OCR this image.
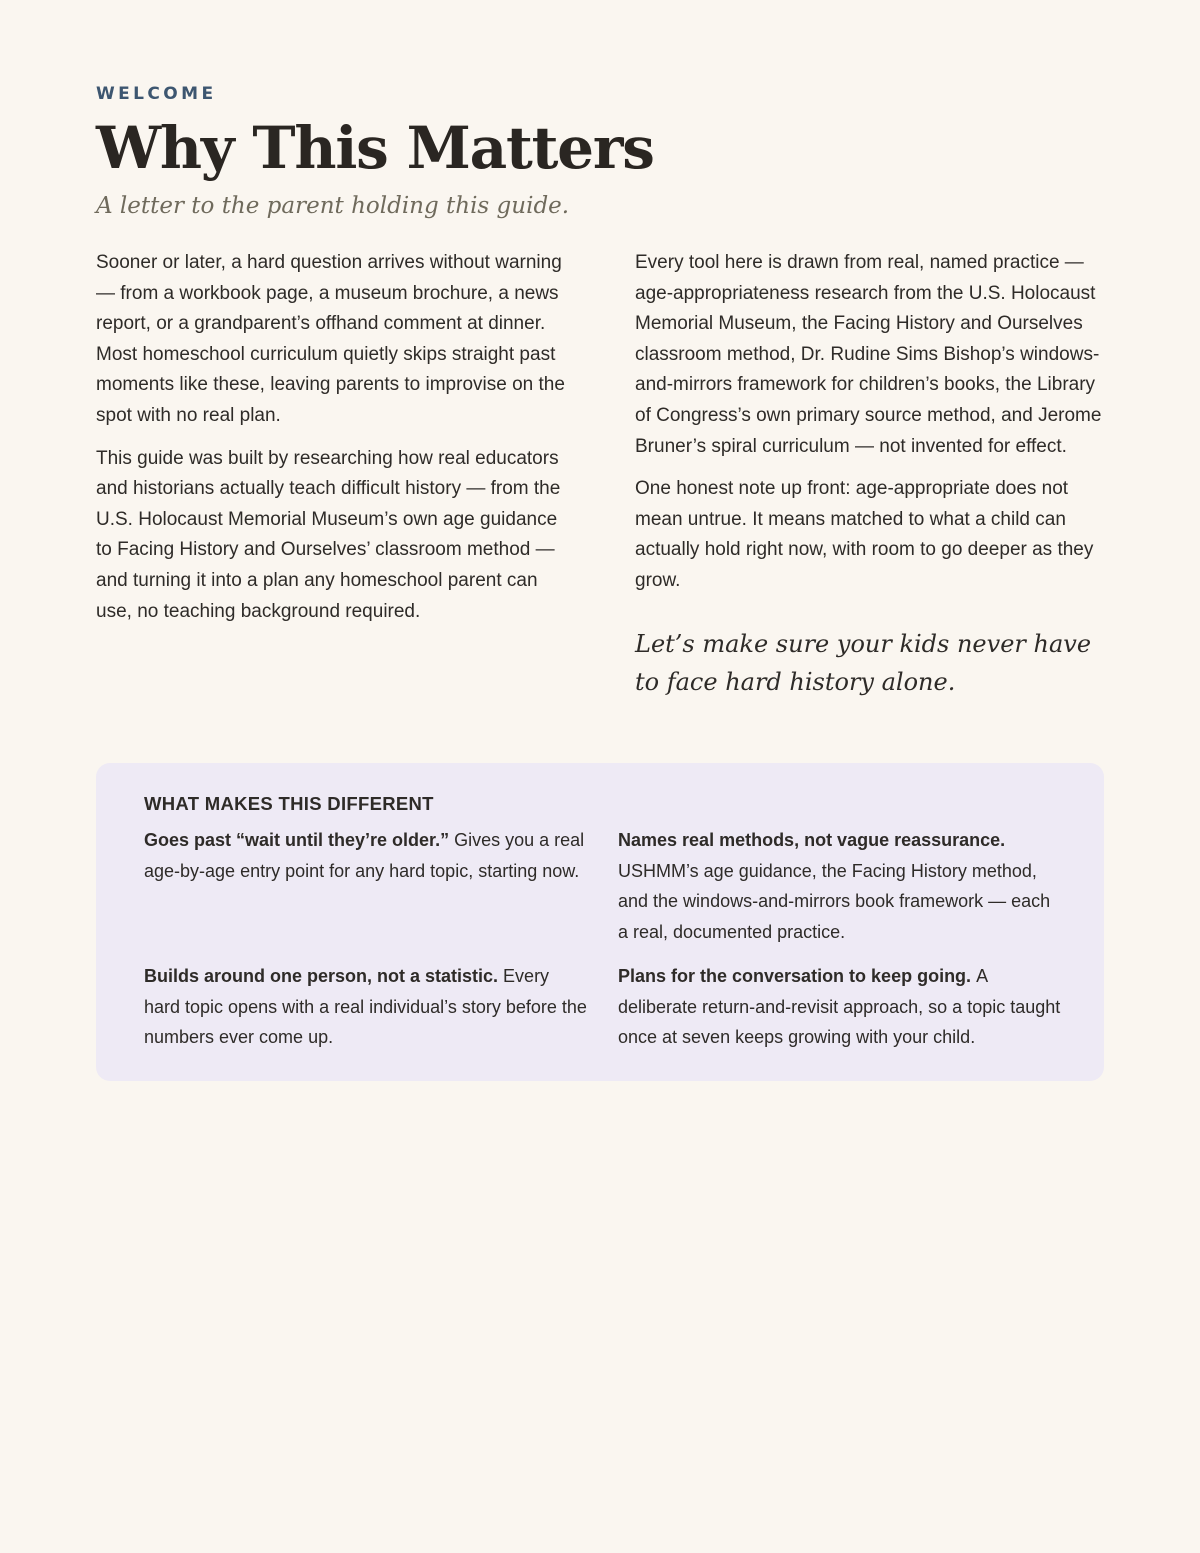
WELCOME
Why This Matters
A letter to the parent holding this guide.

Sooner or later, a hard question arrives without warning — from a workbook page, a museum brochure, a news report, or a grandparent’s offhand comment at dinner. Most homeschool curriculum quietly skips straight past moments like these, leaving parents to improvise on the spot with no real plan.

This guide was built by researching how real educators and historians actually teach difficult history — from the U.S. Holocaust Memorial Museum’s own age guidance to Facing History and Ourselves’ classroom method — and turning it into a plan any homeschool parent can use, no teaching background required.

Every tool here is drawn from real, named practice — age-appropriateness research from the U.S. Holocaust Memorial Museum, the Facing History and Ourselves classroom method, Dr. Rudine Sims Bishop’s windows-and-mirrors framework for children’s books, the Library of Congress’s own primary source method, and Jerome Bruner’s spiral curriculum — not invented for effect.

One honest note up front: age-appropriate does not mean untrue. It means matched to what a child can actually hold right now, with room to go deeper as they grow.

Let’s make sure your kids never have to face hard history alone.
WHAT MAKES THIS DIFFERENT
Goes past “wait until they’re older.” Gives you a real age-by-age entry point for any hard topic, starting now.
Names real methods, not vague reassurance. USHMM’s age guidance, the Facing History method, and the windows-and-mirrors book framework — each a real, documented practice.
Builds around one person, not a statistic. Every hard topic opens with a real individual’s story before the numbers ever come up.
Plans for the conversation to keep going. A deliberate return-and-revisit approach, so a topic taught once at seven keeps growing with your child.
